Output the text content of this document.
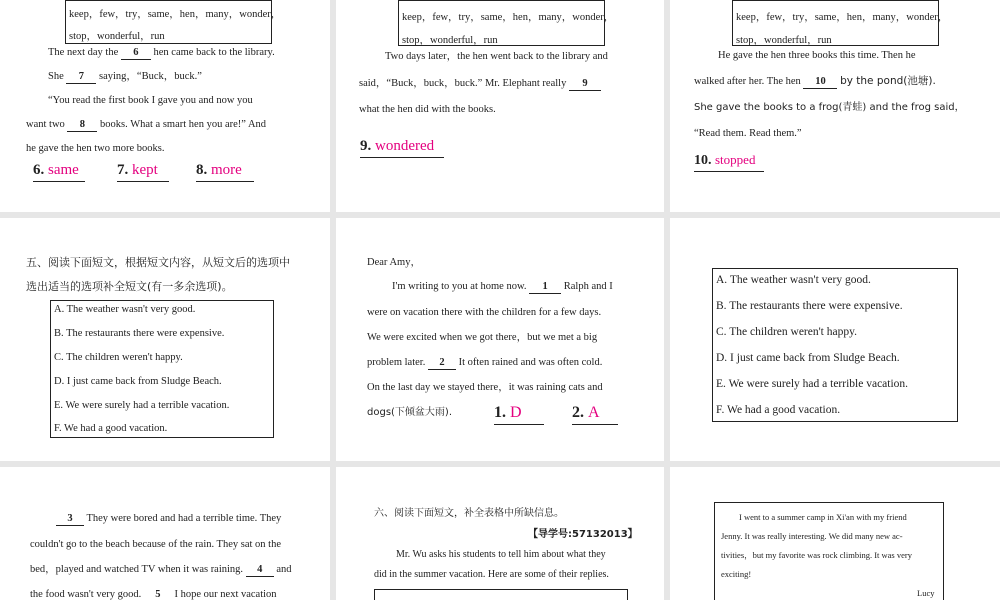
keep，few，try，same，hen，many，wonder，
stop，wonderful，run
The next day the 6 hen came back to the library.
She 7 saying，“Buck，buck.”
“You read the first book I gave you and now you
want two 8 books. What a smart hen you are!” And
he gave the hen two more books.
6. same	7. kept	8. more
keep，few，try，same，hen，many，wonder，
stop，wonderful，run
Two days later，the hen went back to the library and
said，“Buck，buck，buck.” Mr. Elephant really 9
what the hen did with the books.
9. wondered
keep，few，try，same，hen，many，wonder，
stop，wonderful，run
He gave the hen three books this time. Then he
walked after her. The hen 10 by the pond(池塘).
She gave the books to a frog(青蛙) and the frog said，
“Read them. Read them.”
10. stopped
五、阅读下面短文，根据短文内容，从短文后的选项中
选出适当的选项补全短文(有一多余选项)。
A. The weather wasn't very good.
B. The restaurants there were expensive.
C. The children weren't happy.
D. I just came back from Sludge Beach.
E. We were surely had a terrible vacation.
F. We had a good vacation.
Dear Amy，
I'm writing to you at home now. 1 Ralph and I
were on vacation there with the children for a few days.
We were excited when we got there，but we met a big
problem later. 2 It often rained and was often cold.
On the last day we stayed there，it was raining cats and
dogs(下倾盆大雨).	1. D	2. A
A. The weather wasn't very good.
B. The restaurants there were expensive.
C. The children weren't happy.
D. I just came back from Sludge Beach.
E. We were surely had a terrible vacation.
F. We had a good vacation.
3 They were bored and had a terrible time. They
couldn't go to the beach because of the rain. They sat on the
bed，played and watched TV when it was raining. 4 and
the food wasn't very good. 5 I hope our next vacation
六、阅读下面短文，补全表格中所缺信息。
【导学号:57132013】
Mr. Wu asks his students to tell him about what they
did in the summer vacation. Here are some of their replies.
I went to a summer camp in Xi'an with my friend
Jenny. It was really interesting. We did many new ac-
tivities，but my favorite was rock climbing. It was very
exciting!
Lucy
